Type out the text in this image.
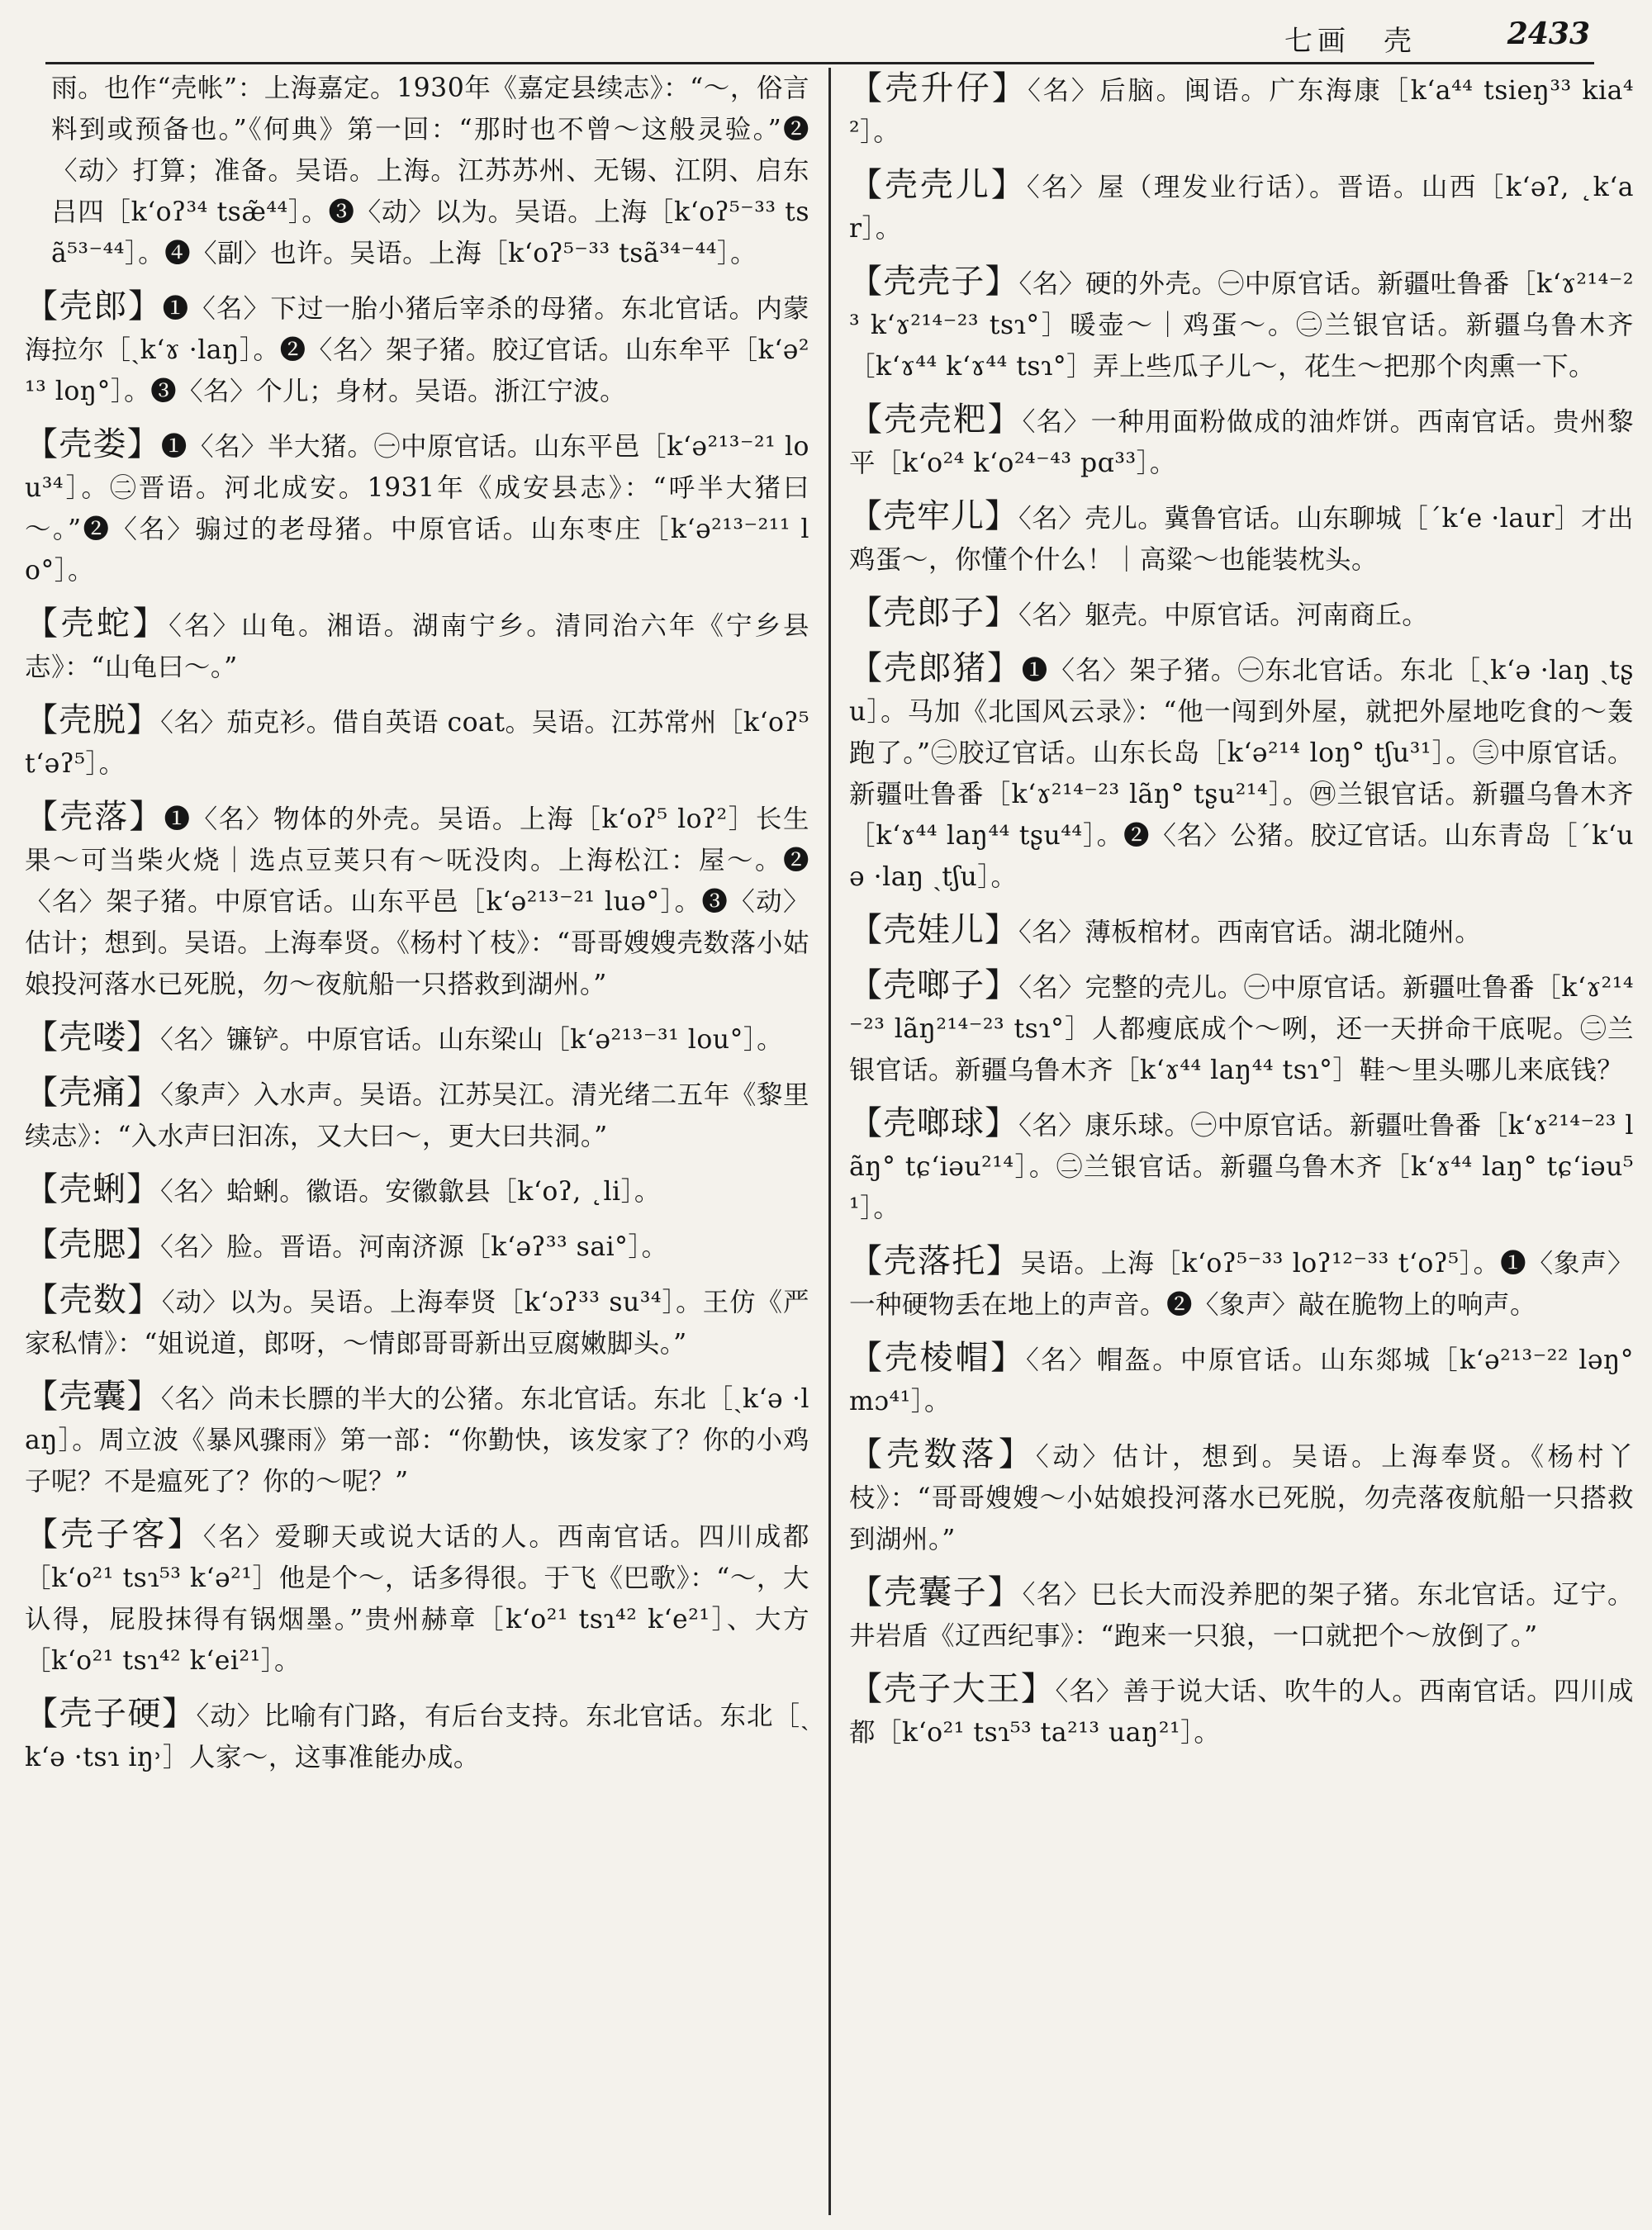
七画　壳	2433

雨。也作“壳帐”：上海嘉定。1930年《嘉定县续志》：“～，俗言料到或预备也。”《何典》第一回：“那时也不曾～这般灵验。”❷〈动〉打算；准备。吴语。上海。江苏苏州、无锡、江阴、启东吕四［k‘oʔ³⁴ tsæ̃⁴⁴］。❸〈动〉以为。吴语。上海［k‘oʔ⁵⁻³³ tsã⁵³⁻⁴⁴］。❹〈副〉也许。吴语。上海［k‘oʔ⁵⁻³³ tsã³⁴⁻⁴⁴］。

【壳郎】❶〈名〉下过一胎小猪后宰杀的母猪。东北官话。内蒙海拉尔［ˏk‘ɤ ·laŋ］。❷〈名〉架子猪。胶辽官话。山东牟平［k‘ə²¹³ loŋ°］。❸〈名〉个儿；身材。吴语。浙江宁波。

【壳娄】❶〈名〉半大猪。㊀中原官话。山东平邑［k‘ə²¹³⁻²¹ lou³⁴］。㊁晋语。河北成安。1931年《成安县志》：“呼半大猪曰～。”❷〈名〉骟过的老母猪。中原官话。山东枣庄［k‘ə²¹³⁻²¹¹ lo°］。

【壳蛇】〈名〉山龟。湘语。湖南宁乡。清同治六年《宁乡县志》：“山龟曰～。”

【壳脱】〈名〉茄克衫。借自英语 coat。吴语。江苏常州［k‘oʔ⁵ t‘əʔ⁵］。

【壳落】❶〈名〉物体的外壳。吴语。上海［k‘oʔ⁵ loʔ²］长生果～可当柴火烧｜选点豆荚只有～呒没肉。上海松江：屋～。❷〈名〉架子猪。中原官话。山东平邑［k‘ə²¹³⁻²¹ luə°］。❸〈动〉估计；想到。吴语。上海奉贤。《杨村丫枝》：“哥哥嫂嫂壳数落小姑娘投河落水已死脱，勿～夜航船一只搭救到湖州。”

【壳喽】〈名〉镰铲。中原官话。山东梁山［k‘ə²¹³⁻³¹ lou°］。

【壳痛】〈象声〉入水声。吴语。江苏吴江。清光绪二五年《黎里续志》：“入水声曰汩冻，又大曰～，更大曰共洞。”

【壳蜊】〈名〉蛤蜊。徽语。安徽歙县［k‘oʔ, ˛li］。

【壳腮】〈名〉脸。晋语。河南济源［k‘əʔ³³ sai°］。

【壳数】〈动〉以为。吴语。上海奉贤［k‘ɔʔ³³ su³⁴］。王仿《严家私情》：“姐说道，郎呀，～情郎哥哥新出豆腐嫩脚头。”

【壳囊】〈名〉尚未长膘的半大的公猪。东北官话。东北［ˏk‘ə ·laŋ］。周立波《暴风骤雨》第一部：“你勤快，该发家了？你的小鸡子呢？不是瘟死了？你的～呢？”

【壳子客】〈名〉爱聊天或说大话的人。西南官话。四川成都［k‘o²¹ tsɿ⁵³ k‘ə²¹］他是个～，话多得很。于飞《巴歌》：“～，大认得，屁股抹得有锅烟墨。”贵州赫章［k‘o²¹ tsɿ⁴² k‘e²¹］、大方［k‘o²¹ tsɿ⁴² k‘ei²¹］。

【壳子硬】〈动〉比喻有门路，有后台支持。东北官话。东北［ˏk‘ə ·tsɿ iŋ˒］人家～，这事准能办成。

【壳升仔】〈名〉后脑。闽语。广东海康［k‘a⁴⁴ tsieŋ³³ kia⁴²］。

【壳壳儿】〈名〉屋（理发业行话）。晋语。山西［k‘əʔ, ˛k‘ar］。

【壳壳子】〈名〉硬的外壳。㊀中原官话。新疆吐鲁番［k‘ɤ²¹⁴⁻²³ k‘ɤ²¹⁴⁻²³ tsɿ°］暖壶～｜鸡蛋～。㊁兰银官话。新疆乌鲁木齐［k‘ɤ⁴⁴ k‘ɤ⁴⁴ tsɿ°］弄上些瓜子儿～，花生～把那个肉熏一下。

【壳壳粑】〈名〉一种用面粉做成的油炸饼。西南官话。贵州黎平［k‘o²⁴ k‘o²⁴⁻⁴³ pɑ³³］。

【壳牢儿】〈名〉壳儿。冀鲁官话。山东聊城［ˊk‘e ·laur］才出鸡蛋～，你懂个什么！｜高粱～也能装枕头。

【壳郎子】〈名〉躯壳。中原官话。河南商丘。

【壳郎猪】❶〈名〉架子猪。㊀东北官话。东北［ˏk‘ə ·laŋ ˏtʂu］。马加《北国风云录》：“他一闯到外屋，就把外屋地吃食的～轰跑了。”㊁胶辽官话。山东长岛［k‘ə²¹⁴ loŋ° tʃu³¹］。㊂中原官话。新疆吐鲁番［k‘ɤ²¹⁴⁻²³ lãŋ° tʂu²¹⁴］。㊃兰银官话。新疆乌鲁木齐［k‘ɤ⁴⁴ laŋ⁴⁴ tʂu⁴⁴］。❷〈名〉公猪。胶辽官话。山东青岛［ˊk‘uə ·laŋ ˏtʃu］。

【壳娃儿】〈名〉薄板棺材。西南官话。湖北随州。

【壳啷子】〈名〉完整的壳儿。㊀中原官话。新疆吐鲁番［k‘ɤ²¹⁴⁻²³ lãŋ²¹⁴⁻²³ tsɿ°］人都瘦底成个～咧，还一天拼命干底呢。㊁兰银官话。新疆乌鲁木齐［k‘ɤ⁴⁴ laŋ⁴⁴ tsɿ°］鞋～里头哪儿来底钱？

【壳啷球】〈名〉康乐球。㊀中原官话。新疆吐鲁番［k‘ɤ²¹⁴⁻²³ lãŋ° tɕ‘iəu²¹⁴］。㊁兰银官话。新疆乌鲁木齐［k‘ɤ⁴⁴ laŋ° tɕ‘iəu⁵¹］。

【壳落托】吴语。上海［k‘oʔ⁵⁻³³ loʔ¹²⁻³³ t‘oʔ⁵］。❶〈象声〉一种硬物丢在地上的声音。❷〈象声〉敲在脆物上的响声。

【壳棱帽】〈名〉帽盔。中原官话。山东郯城［k‘ə²¹³⁻²² ləŋ° mɔ⁴¹］。

【壳数落】〈动〉估计，想到。吴语。上海奉贤。《杨村丫枝》：“哥哥嫂嫂～小姑娘投河落水已死脱，勿壳落夜航船一只搭救到湖州。”

【壳囊子】〈名〉巳长大而没养肥的架子猪。东北官话。辽宁。井岩盾《辽西纪事》：“跑来一只狼，一口就把个～放倒了。”

【壳子大王】〈名〉善于说大话、吹牛的人。西南官话。四川成都［k‘o²¹ tsɿ⁵³ ta²¹³ uaŋ²¹］。
